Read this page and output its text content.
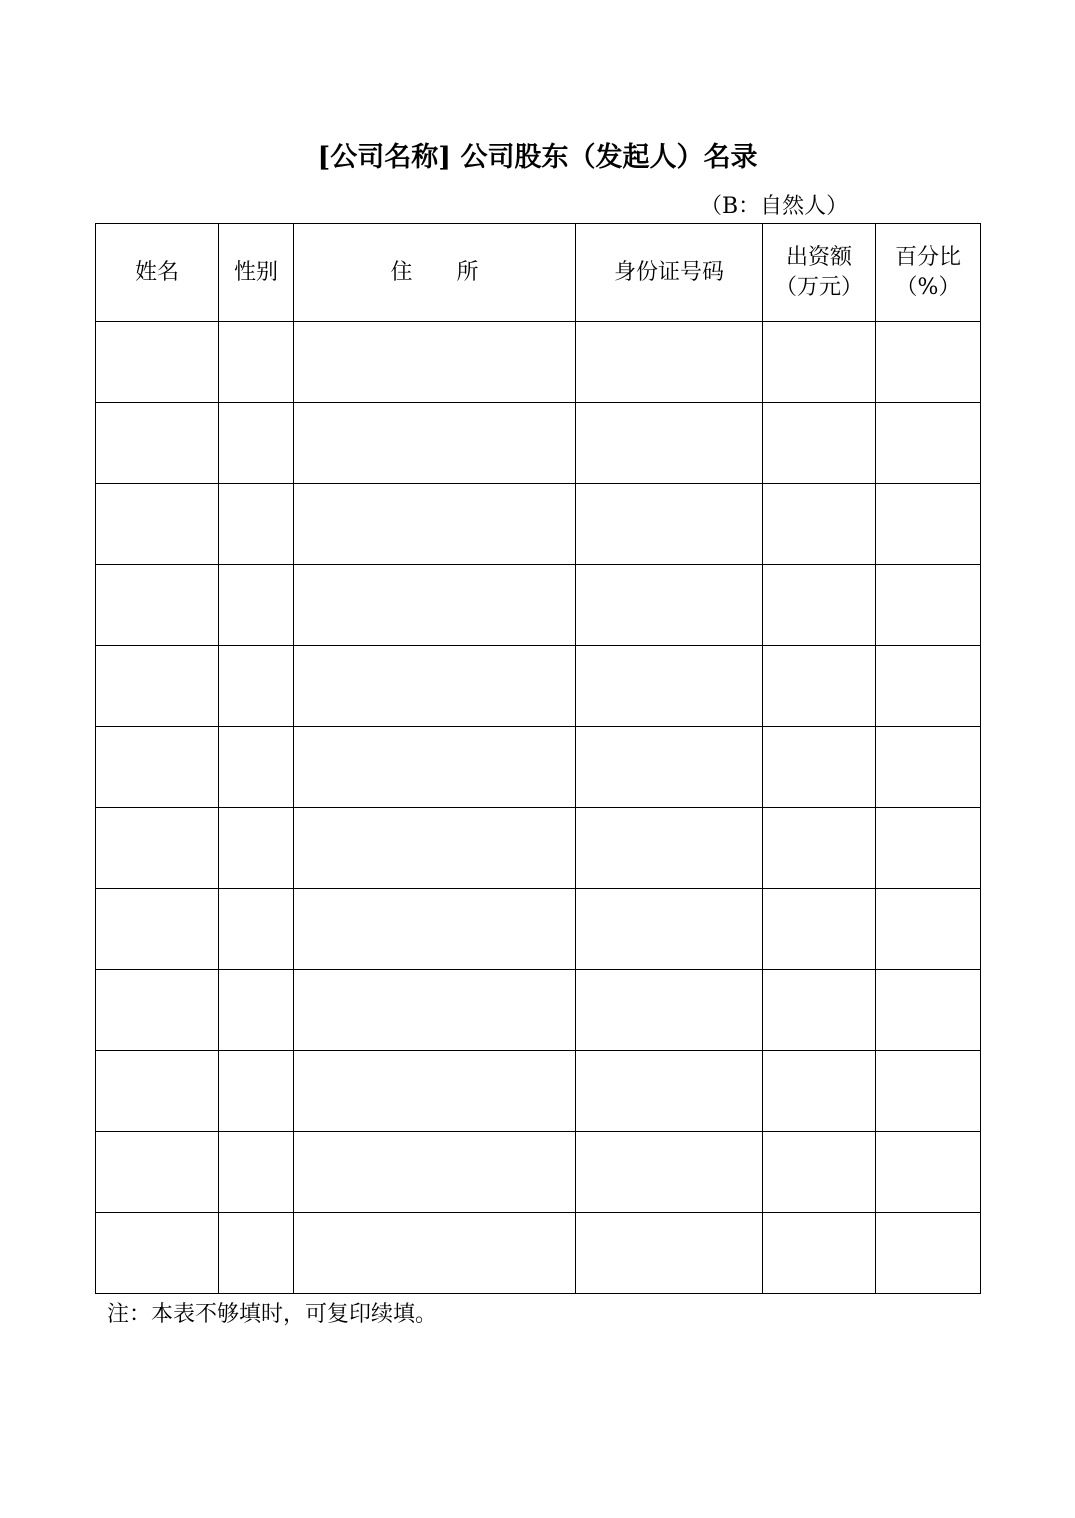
[公司名称] 公司股东（发起人）名录
（B：自然人）
姓名	性别	住　　所	身份证号码	出资额（万元）	百分比（%）

注：本表不够填时，可复印续填。
